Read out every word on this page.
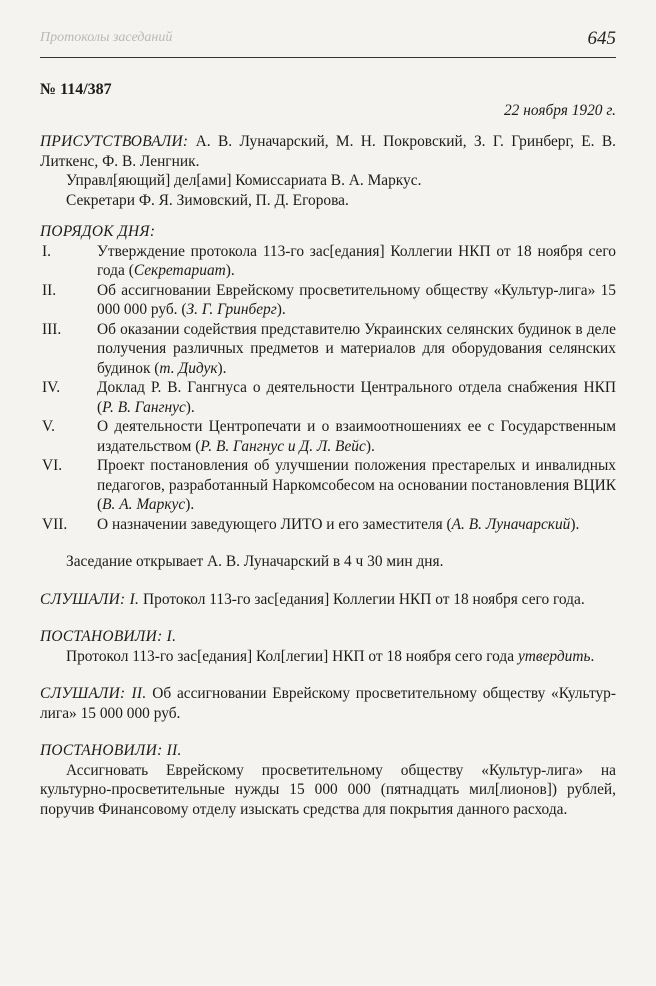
Протоколы заседаний	645
№ 114/387
22 ноября 1920 г.

ПРИСУТСТВОВАЛИ: А. В. Луначарский, М. Н. Покровский, З. Г. Гринберг, Е. В. Литкенс, Ф. В. Ленгник.

Управл[яющий] дел[ами] Комиссариата В. А. Маркус.

Секретари Ф. Я. Зимовский, П. Д. Егорова.

ПОРЯДОК ДНЯ:
I.	Утверждение протокола 113-го зас[едания] Коллегии НКП от 18 ноября сего года (Секретариат).
II.	Об ассигновании Еврейскому просветительному обществу «Культур-лига» 15 000 000 руб. (З. Г. Гринберг).
III.	Об оказании содействия представителю Украинских селянских будинок в деле получения различных предметов и материалов для оборудования селянских будинок (т. Дидук).
IV.	Доклад Р. В. Гангнуса о деятельности Центрального отдела снабжения НКП (Р. В. Гангнус).
V.	О деятельности Центропечати и о взаимоотношениях ее с Государственным издательством (Р. В. Гангнус и Д. Л. Вейс).
VI.	Проект постановления об улучшении положения престарелых и инвалидных педагогов, разработанный Наркомсобесом на основании постановления ВЦИК (В. А. Маркус).
VII.	О назначении заведующего ЛИТО и его заместителя (А. В. Луначарский).

Заседание открывает А. В. Луначарский в 4 ч 30 мин дня.

СЛУШАЛИ: I. Протокол 113-го зас[едания] Коллегии НКП от 18 ноября сего года.

ПОСТАНОВИЛИ: I.

Протокол 113-го зас[едания] Кол[легии] НКП от 18 ноября сего года утвердить.

СЛУШАЛИ: II. Об ассигновании Еврейскому просветительному обществу «Культур-лига» 15 000 000 руб.

ПОСТАНОВИЛИ: II.

Ассигновать Еврейскому просветительному обществу «Культур-лига» на культурно-просветительные нужды 15 000 000 (пятнадцать мил[лионов]) рублей, поручив Финансовому отделу изыскать средства для покрытия данного расхода.
